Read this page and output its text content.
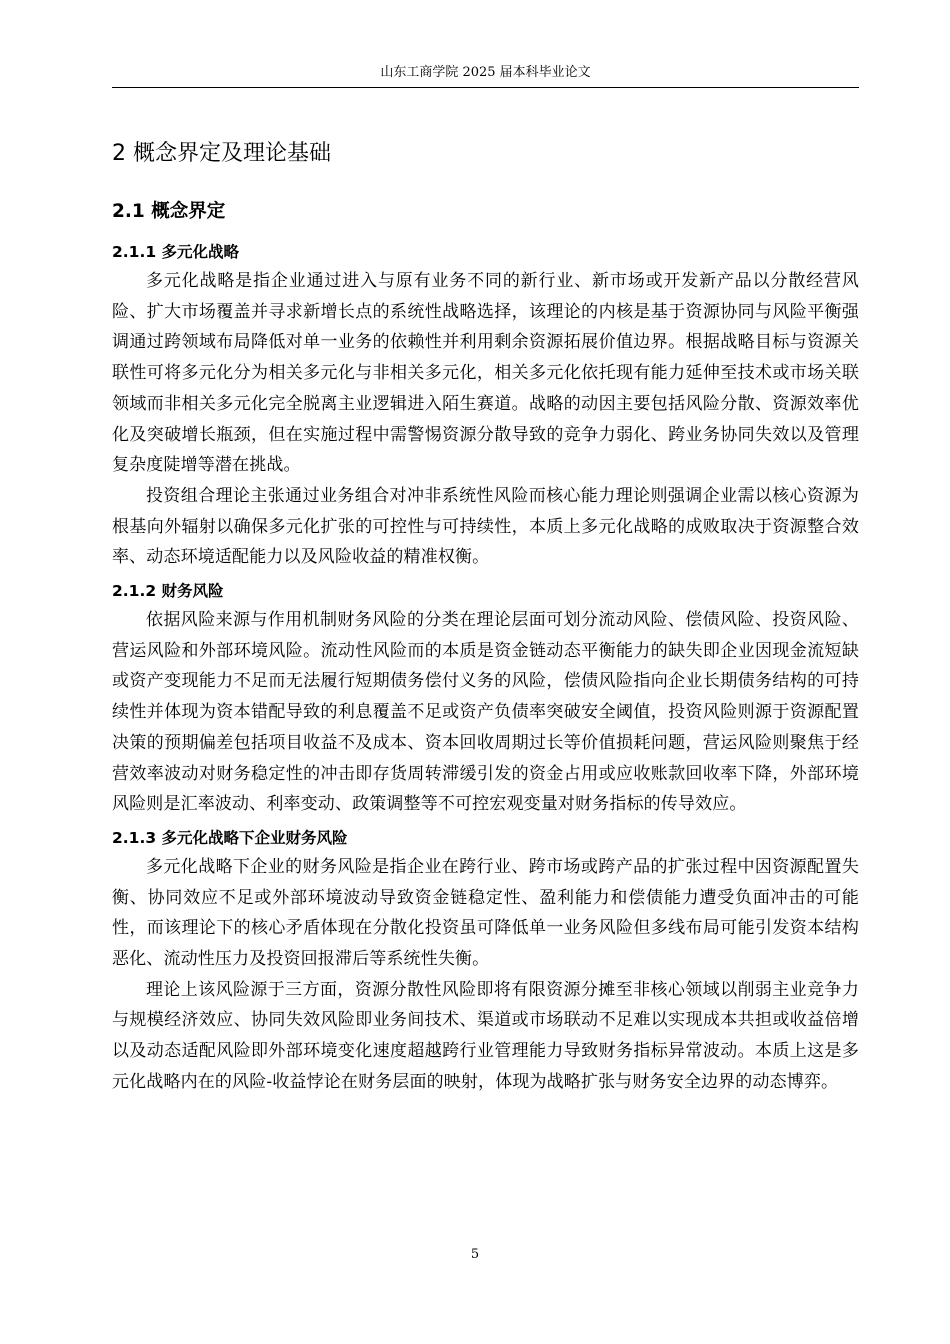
山东工商学院 2025 届本科毕业论文
2 概念界定及理论基础
2.1 概念界定
2.1.1 多元化战略

多元化战略是指企业通过进入与原有业务不同的新行业、新市场或开发新产品以分散经营风险、扩大市场覆盖并寻求新增长点的系统性战略选择，该理论的内核是基于资源协同与风险平衡强调通过跨领域布局降低对单一业务的依赖性并利用剩余资源拓展价值边界。根据战略目标与资源关联性可将多元化分为相关多元化与非相关多元化，相关多元化依托现有能力延伸至技术或市场关联领域而非相关多元化完全脱离主业逻辑进入陌生赛道。战略的动因主要包括风险分散、资源效率优化及突破增长瓶颈，但在实施过程中需警惕资源分散导致的竞争力弱化、跨业务协同失效以及管理复杂度陡增等潜在挑战。

投资组合理论主张通过业务组合对冲非系统性风险而核心能力理论则强调企业需以核心资源为根基向外辐射以确保多元化扩张的可控性与可持续性，本质上多元化战略的成败取决于资源整合效率、动态环境适配能力以及风险收益的精准权衡。

2.1.2 财务风险

依据风险来源与作用机制财务风险的分类在理论层面可划分流动风险、偿债风险、投资风险、营运风险和外部环境风险。流动性风险而的本质是资金链动态平衡能力的缺失即企业因现金流短缺或资产变现能力不足而无法履行短期债务偿付义务的风险，偿债风险指向企业长期债务结构的可持续性并体现为资本错配导致的利息覆盖不足或资产负债率突破安全阈值，投资风险则源于资源配置决策的预期偏差包括项目收益不及成本、资本回收周期过长等价值损耗问题，营运风险则聚焦于经营效率波动对财务稳定性的冲击即存货周转滞缓引发的资金占用或应收账款回收率下降，外部环境风险则是汇率波动、利率变动、政策调整等不可控宏观变量对财务指标的传导效应。

2.1.3 多元化战略下企业财务风险

多元化战略下企业的财务风险是指企业在跨行业、跨市场或跨产品的扩张过程中因资源配置失衡、协同效应不足或外部环境波动导致资金链稳定性、盈利能力和偿债能力遭受负面冲击的可能性，而该理论下的核心矛盾体现在分散化投资虽可降低单一业务风险但多线布局可能引发资本结构恶化、流动性压力及投资回报滞后等系统性失衡。

理论上该风险源于三方面，资源分散性风险即将有限资源分摊至非核心领域以削弱主业竞争力与规模经济效应、协同失效风险即业务间技术、渠道或市场联动不足难以实现成本共担或收益倍增以及动态适配风险即外部环境变化速度超越跨行业管理能力导致财务指标异常波动。本质上这是多元化战略内在的风险-收益悖论在财务层面的映射，体现为战略扩张与财务安全边界的动态博弈。

5
